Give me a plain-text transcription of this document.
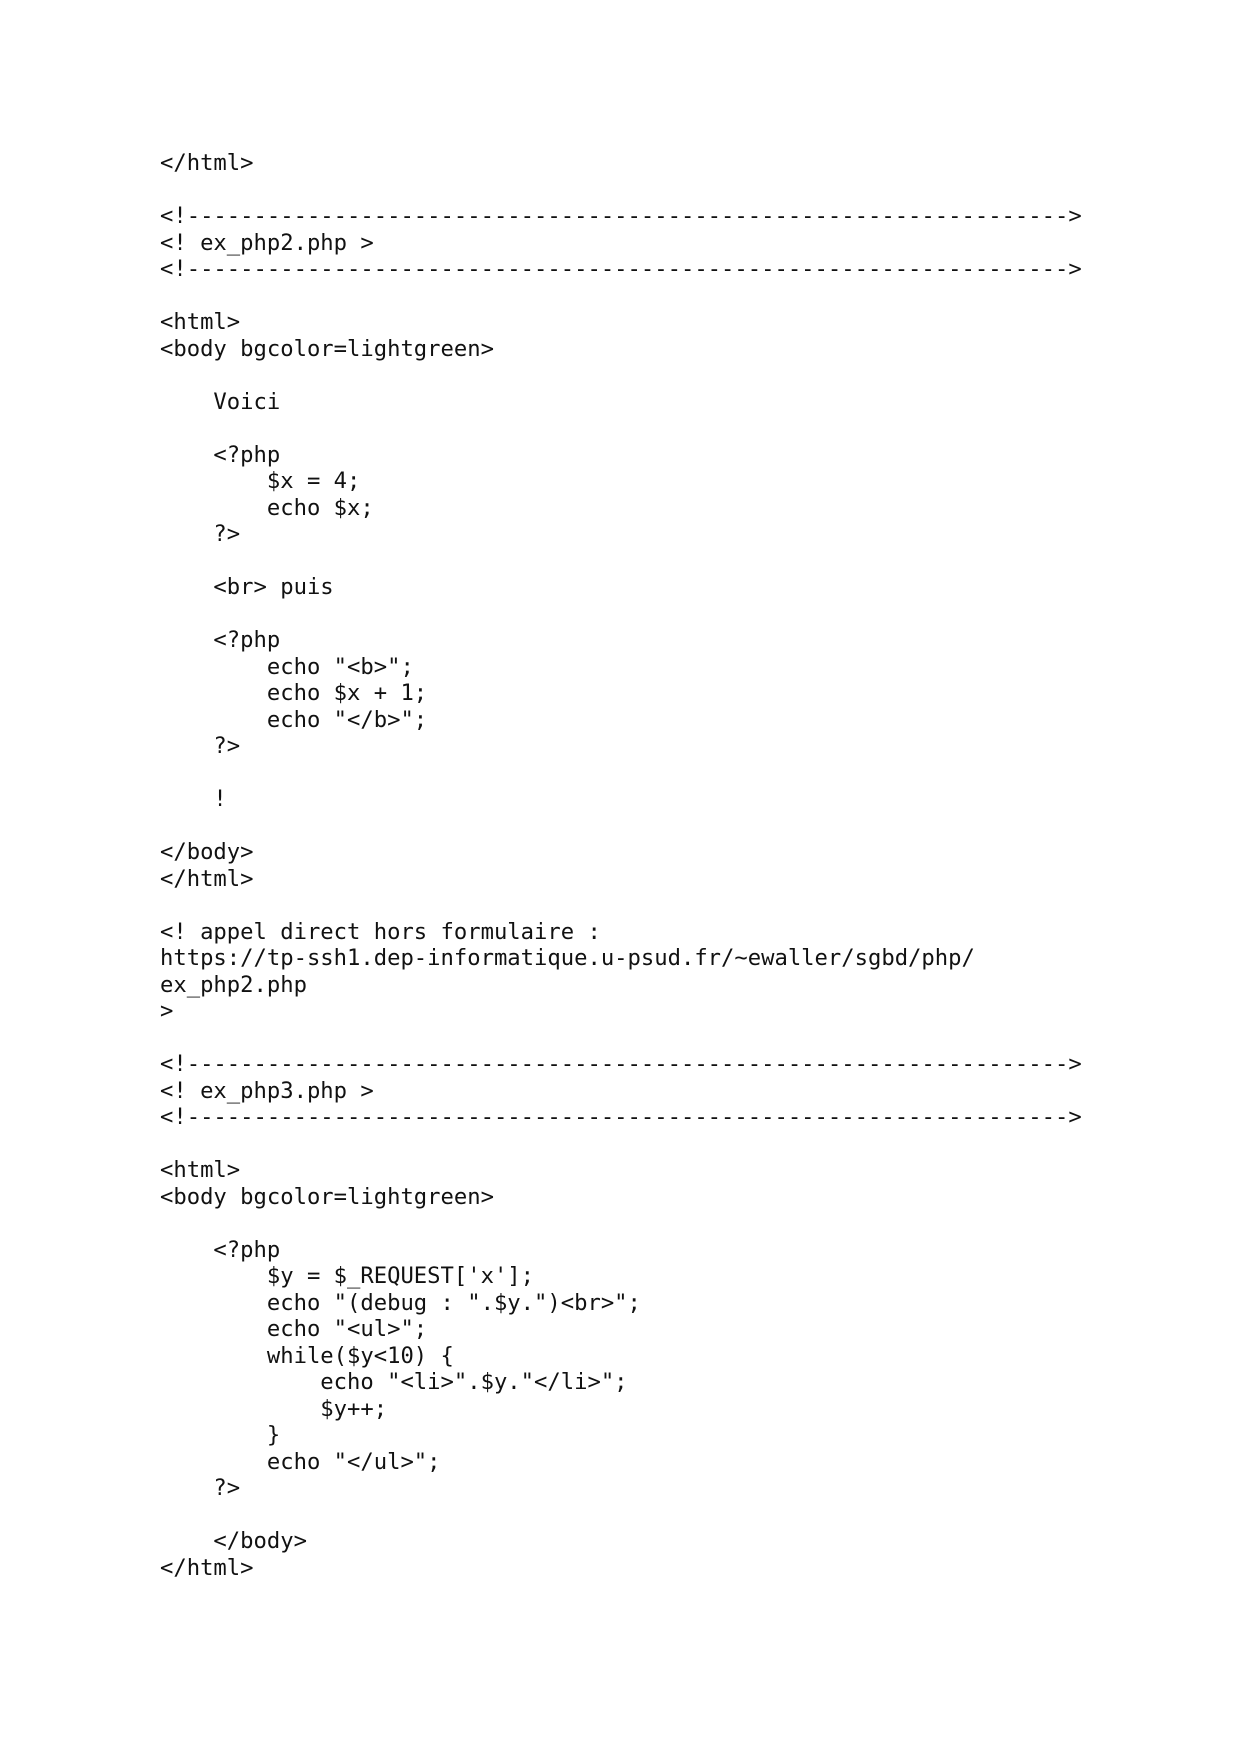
</html>
<!------------------------------------------------------------------>
<! ex_php2.php >
<!------------------------------------------------------------------>
<html>
<body bgcolor=lightgreen>
Voici
<?php
$x = 4;
echo $x;
?>
<br> puis
<?php
echo "<b>";
echo $x + 1;
echo "</b>";
?>
!
</body>
</html>
<! appel direct hors formulaire :
https://tp-ssh1.dep-informatique.u-psud.fr/~ewaller/sgbd/php/
ex_php2.php
>
<!------------------------------------------------------------------>
<! ex_php3.php >
<!------------------------------------------------------------------>
<html>
<body bgcolor=lightgreen>
<?php
$y = $_REQUEST['x'];
echo "(debug : ".$y.")<br>";
echo "<ul>";
while($y<10) {
echo "<li>".$y."</li>";
$y++;
}
echo "</ul>";
?>
</body>
</html>
